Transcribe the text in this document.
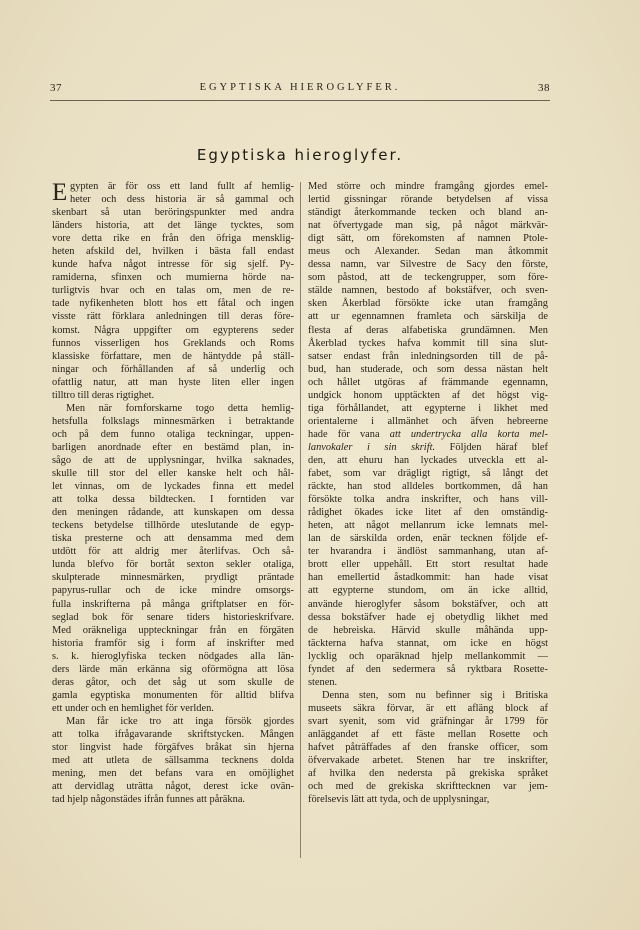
37	EGYPTISKA HIEROGLYFER.	38
Egyptiska hieroglyfer.
E gypten är för oss ett land fullt af hemlig-
heter och dess historia är så gammal och
skenbart så utan beröringspunkter med andra
länders historia, att det länge tycktes, som
vore detta rike en från den öfriga mensklig-
heten afskild del, hvilken i bästa fall endast
kunde hafva något intresse för sig sjelf. Py-
ramiderna, sfinxen och mumierna hörde na-
turligtvis hvar och en talas om, men de re-
tade nyfikenheten blott hos ett fåtal och ingen
visste rätt förklara anledningen till deras före-
komst. Några uppgifter om egypterens seder
funnos visserligen hos Greklands och Roms
klassiske författare, men de häntydde på ställ-
ningar och förhållanden af så underlig och
ofattlig natur, att man hyste liten eller ingen
tilltro till deras rigtighet.
Men när fornforskarne togo detta hemlig-
hetsfulla folkslags minnesmärken i betraktande
och på dem funno otaliga teckningar, uppen-
barligen anordnade efter en bestämd plan, in-
sågo de att de upplysningar, hvilka saknades,
skulle till stor del eller kanske helt och hål-
let vinnas, om de lyckades finna ett medel
att tolka dessa bildtecken. I forntiden var
den meningen rådande, att kunskapen om dessa
teckens betydelse tillhörde uteslutande de egyp-
tiska presterne och att densamma med dem
utdött för att aldrig mer återlifvas. Och så-
lunda blefvo för bortåt sexton sekler otaliga,
skulpterade minnesmärken, prydligt präntade
papyrus-rullar och de icke mindre omsorgs-
fulla inskrifterna på många griftplatser en för-
seglad bok för senare tiders historieskrifvare.
Med oräkneliga uppteckningar från en förgäten
historia framför sig i form af inskrifter med
s. k. hieroglyfiska tecken nödgades alla län-
ders lärde män erkänna sig oförmögna att lösa
deras gåtor, och det såg ut som skulle de
gamla egyptiska monumenten för alltid blifva
ett under och en hemlighet för verlden.
Man får icke tro att inga försök gjordes
att tolka ifrågavarande skriftstycken. Mången
stor lingvist hade förgäfves bråkat sin hjerna
med att utleta de sällsamma tecknens dolda
mening, men det befans vara en omöjlighet
att dervidlag uträtta något, derest icke ovän-
tad hjelp någonstädes ifrån funnes att påräkna.
Med större och mindre framgång gjordes emel-
lertid gissningar rörande betydelsen af vissa
ständigt återkommande tecken och bland an-
nat öfvertygade man sig, på något märkvär-
digt sätt, om förekomsten af namnen Ptole-
meus och Alexander. Sedan man åtkommit
dessa namn, var Silvestre de Sacy den förste,
som påstod, att de teckengrupper, som före-
stälde namnen, bestodo af bokstäfver, och sven-
sken Åkerblad försökte icke utan framgång
att ur egennamnen framleta och särskilja de
flesta af deras alfabetiska grundämnen. Men
Åkerblad tyckes hafva kommit till sina slut-
satser endast från inledningsorden till de på-
bud, han studerade, och som dessa nästan helt
och hållet utgöras af främmande egennamn,
undgick honom upptäckten af det högst vig-
tiga förhållandet, att egypterne i likhet med
orientalerne i allmänhet och äfven hebreerne
hade för vana att undertrycka alla korta mel-
lanvokaler i sin skrift. Följden häraf blef
den, att ehuru han lyckades utveckla ett al-
fabet, som var drägligt rigtigt, så långt det
räckte, han stod alldeles bortkommen, då han
försökte tolka andra inskrifter, och hans vill-
rådighet ökades icke litet af den omständig-
heten, att något mellanrum icke lemnats mel-
lan de särskilda orden, enär tecknen följde ef-
ter hvarandra i ändlöst sammanhang, utan af-
brott eller uppehåll. Ett stort resultat hade
han emellertid åstadkommit: han hade visat
att egypterne stundom, om än icke alltid,
använde hieroglyfer såsom bokstäfver, och att
dessa bokstäfver hade ej obetydlig likhet med
de hebreiska. Härvid skulle måhända upp-
täckterna hafva stannat, om icke en högst
lycklig och oparäknad hjelp mellankommit —
fyndet af den sedermera så ryktbara Rosette-
stenen.
Denna sten, som nu befinner sig i Britiska
museets säkra förvar, är ett afläng block af
svart syenit, som vid gräfningar år 1799 för
anläggandet af ett fäste mellan Rosette och
hafvet påträffades af den franske officer, som
öfvervakade arbetet. Stenen har tre inskrifter,
af hvilka den nedersta på grekiska språket
och med de grekiska skrifttecknen var jem-
förelsevis lätt att tyda, och de upplysningar,
